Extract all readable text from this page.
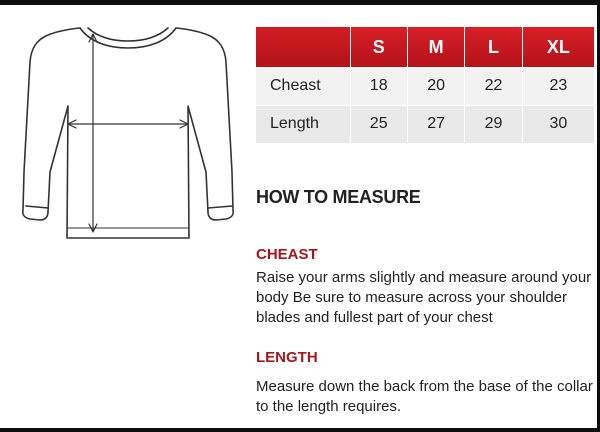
	S	M	L	XL
Cheast	18	20	22	23
Length	25	27	29	30
HOW TO MEASURE
CHEAST
Raise your arms slightly and measure around your body Be sure to measure across your shoulder blades and fullest part of your chest
LENGTH
Measure down the back from the base of the collar to the length requires.
